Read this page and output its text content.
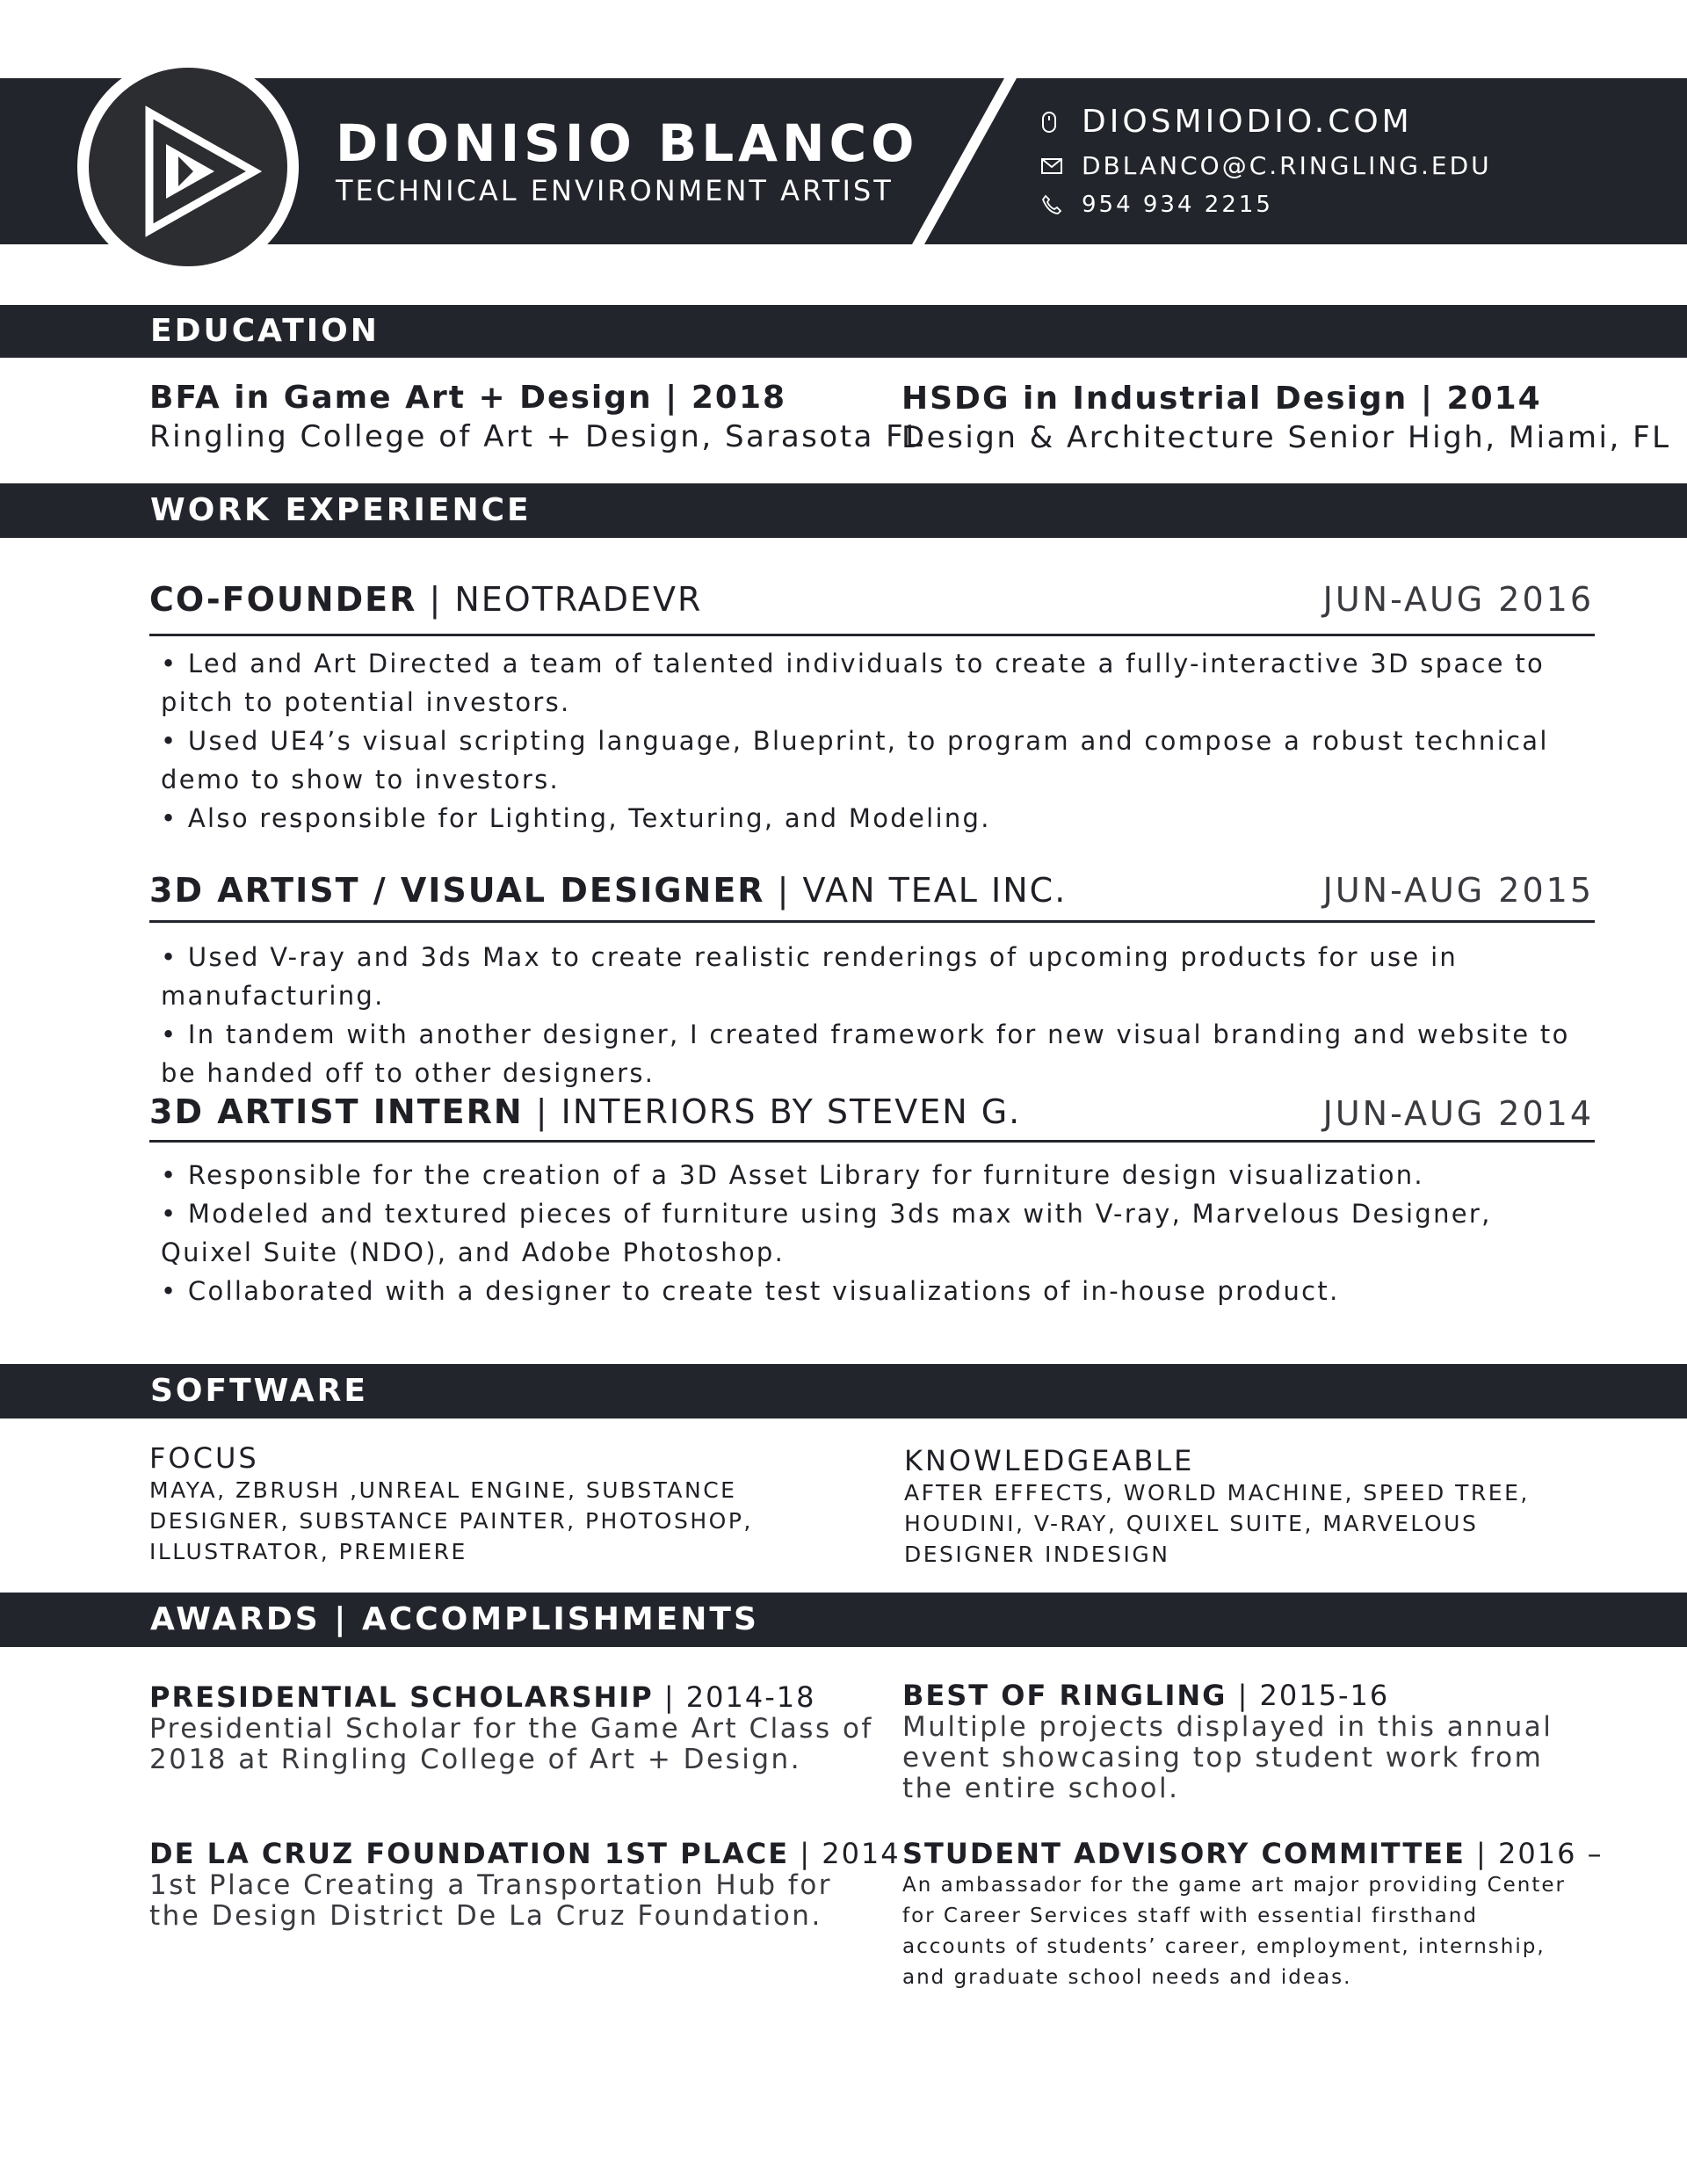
DIONISIO BLANCO
TECHNICAL ENVIRONMENT ARTIST
DIOSMIODIO.COM
DBLANCO@C.RINGLING.EDU
954 934 2215
EDUCATION
BFA in Game Art + Design | 2018
Ringling College of Art + Design, Sarasota FL
HSDG in Industrial Design | 2014
Design & Architecture Senior High, Miami, FL
WORK EXPERIENCE
CO-FOUNDER | NEOTRADEVR	JUN-AUG 2016
• Led and Art Directed a team of talented individuals to create a fully-interactive 3D space to pitch to potential investors.
• Used UE4’s visual scripting language, Blueprint, to program and compose a robust technical demo to show to investors.
• Also responsible for Lighting, Texturing, and Modeling.
3D ARTIST / VISUAL DESIGNER | VAN TEAL INC.	JUN-AUG 2015
• Used V-ray and 3ds Max to create realistic renderings of upcoming products for use in manufacturing.
• In tandem with another designer, I created framework for new visual branding and website to be handed off to other designers.
3D ARTIST INTERN | INTERIORS BY STEVEN G.	JUN-AUG 2014
• Responsible for the creation of a 3D Asset Library for furniture design visualization.
• Modeled and textured pieces of furniture using 3ds max with V-ray, Marvelous Designer, Quixel Suite (NDO), and Adobe Photoshop.
• Collaborated with a designer to create test visualizations of in-house product.
SOFTWARE
FOCUS
MAYA, ZBRUSH ,UNREAL ENGINE, SUBSTANCE DESIGNER, SUBSTANCE PAINTER, PHOTOSHOP, ILLUSTRATOR, PREMIERE
KNOWLEDGEABLE
AFTER EFFECTS, WORLD MACHINE, SPEED TREE, HOUDINI, V-RAY, QUIXEL SUITE, MARVELOUS DESIGNER INDESIGN
AWARDS | ACCOMPLISHMENTS
PRESIDENTIAL SCHOLARSHIP | 2014-18
Presidential Scholar for the Game Art Class of 2018 at Ringling College of Art + Design.
BEST OF RINGLING | 2015-16
Multiple projects displayed in this annual event showcasing top student work from the entire school.
DE LA CRUZ FOUNDATION 1ST PLACE | 2014
1st Place Creating a Transportation Hub for the Design District De La Cruz Foundation.
STUDENT ADVISORY COMMITTEE | 2016 –
An ambassador for the game art major providing Center for Career Services staff with essential firsthand accounts of students’ career, employment, internship, and graduate school needs and ideas.
